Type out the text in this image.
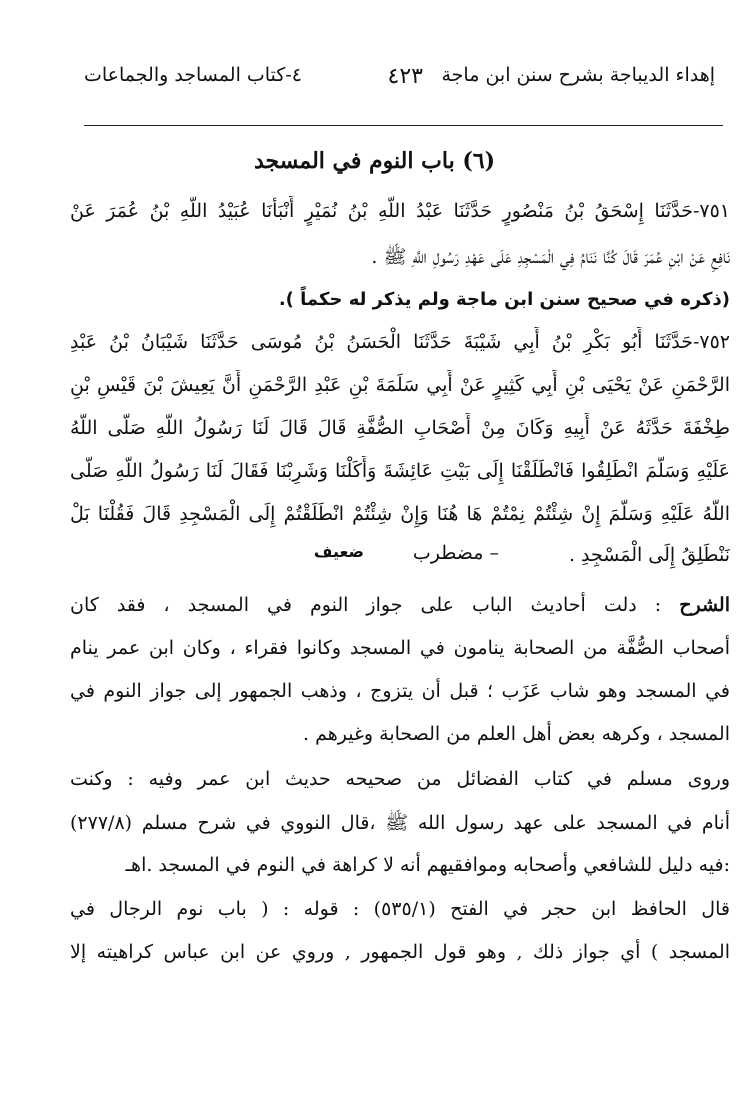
إهداء الديباجة بشرح سنن ابن ماجة
٤٢٣
٤-كتاب المساجد والجماعات
(٦) باب النوم في المسجد
٧٥١-حَدَّثَنَا إِسْحَقُ بْنُ مَنْصُورٍ حَدَّثَنَا عَبْدُ اللَّهِ بْنُ نُمَيْرٍ أَنْبَأَنَا عُبَيْدُ اللَّهِ بْنُ عُمَرَ عَنْ
نَافِعٍ عَنْ ابْنِ عُمَرَ قَالَ كُنَّا نَنَامُ فِي الْمَسْجِدِ عَلَى عَهْدِ رَسُولِ اللَّهِ ﷺ .
(ذكره في صحيح سنن ابن ماجة ولم يذكر له حكماً ).
٧٥٢-حَدَّثَنَا أَبُو بَكْرِ بْنُ أَبِي شَيْبَةَ حَدَّثَنَا الْحَسَنُ بْنُ مُوسَى حَدَّثَنَا شَيْبَانُ بْنُ عَبْدِ
الرَّحْمَنِ عَنْ يَحْيَى بْنِ أَبِي كَثِيرٍ عَنْ أَبِي سَلَمَةَ بْنِ عَبْدِ الرَّحْمَنِ أَنَّ يَعِيشَ بْنَ قَيْسِ بْنِ
طِخْفَةَ حَدَّثَهُ عَنْ أَبِيهِ وَكَانَ مِنْ أَصْحَابِ الصُّفَّةِ قَالَ قَالَ لَنَا رَسُولُ اللَّهِ صَلَّى اللَّهُ
عَلَيْهِ وَسَلَّمَ انْطَلِقُوا فَانْطَلَقْنَا إِلَى بَيْتِ عَائِشَةَ وَأَكَلْنَا وَشَرِبْنَا فَقَالَ لَنَا رَسُولُ اللَّهِ صَلَّى
اللَّهُ عَلَيْهِ وَسَلَّمَ إِنْ شِئْتُمْ نِمْتُمْ هَا هُنَا وَإِنْ شِئْتُمْ انْطَلَقْتُمْ إِلَى الْمَسْجِدِ قَالَ فَقُلْنَا بَلْ
نَنْطَلِقُ إِلَى الْمَسْجِدِ .
ضعيف	– مضطرب
الشرح : دلت أحاديث الباب على جواز النوم في المسجد ، فقد كان
أصحاب الصُّفَّة من الصحابة ينامون في المسجد وكانوا فقراء ، وكان ابن عمر ينام
في المسجد وهو شاب عَزَب ؛ قبل أن يتزوج ، وذهب الجمهور إلى جواز النوم في
المسجد ، وكرهه بعض أهل العلم من الصحابة وغيرهم .
وروى مسلم في كتاب الفضائل من صحيحه حديث ابن عمر وفيه : وكنت
أنام في المسجد على عهد رسول الله ﷺ ،قال النووي في شرح مسلم (٢٧٧/٨)
:فيه دليل للشافعي وأصحابه وموافقيهم أنه لا كراهة في النوم في المسجد .اهـ
قال الحافظ ابن حجر في الفتح (٥٣٥/١) : قوله : ( باب نوم الرجال في
المسجد ) أي جواز ذلك , وهو قول الجمهور , وروي عن ابن عباس كراهيته إلا
